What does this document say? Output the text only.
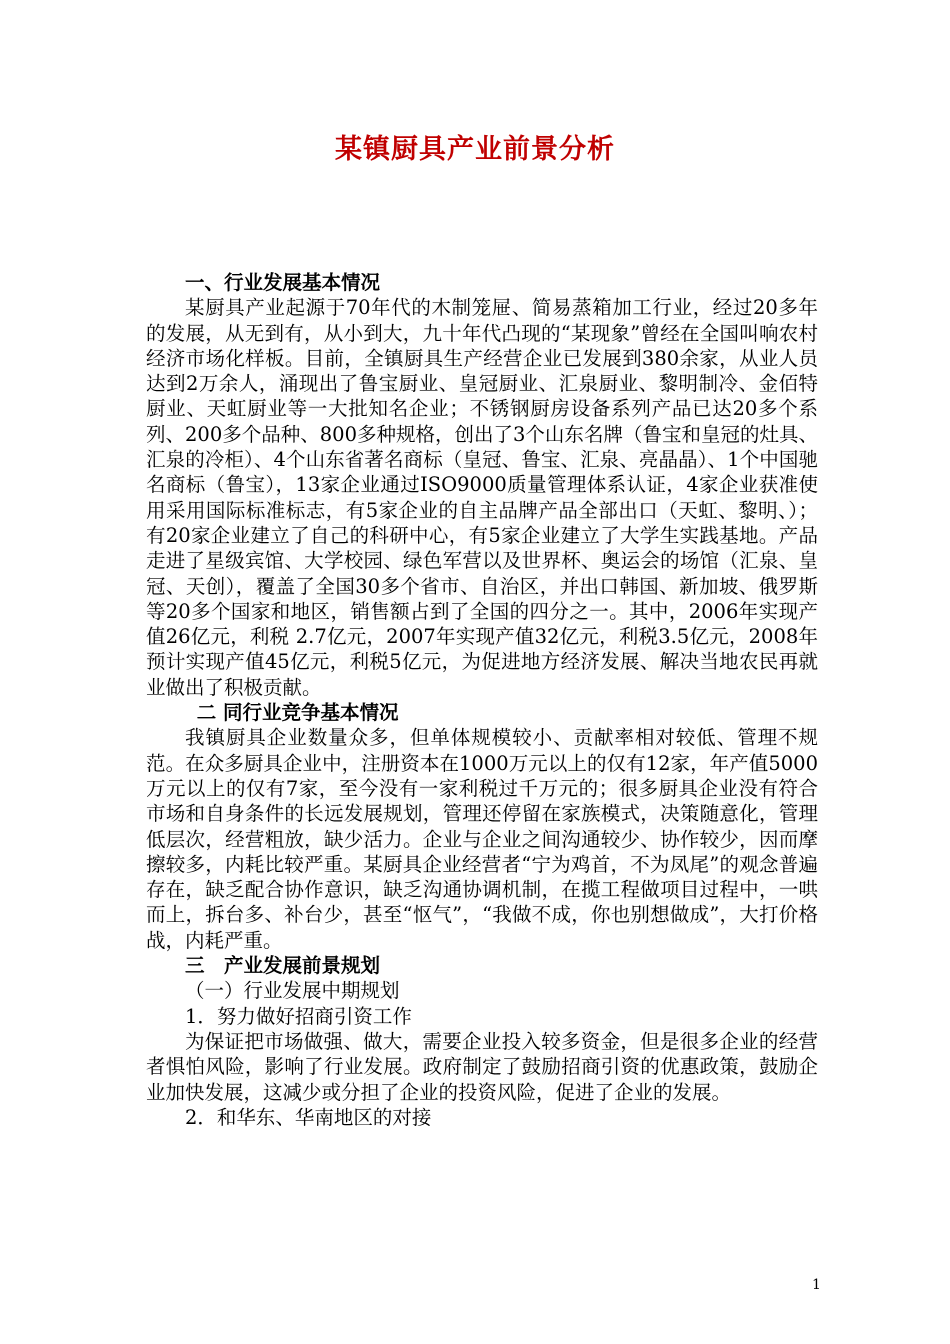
某镇厨具产业前景分析
一、行业发展基本情况

某厨具产业起源于70年代的木制笼屉、简易蒸箱加工行业，经过20多年的发展，从无到有，从小到大，九十年代凸现的“某现象”曾经在全国叫响农村经济市场化样板。目前，全镇厨具生产经营企业已发展到380余家，从业人员达到2万余人，涌现出了鲁宝厨业、皇冠厨业、汇泉厨业、黎明制冷、金佰特厨业、天虹厨业等一大批知名企业；不锈钢厨房设备系列产品已达20多个系列、200多个品种、800多种规格，创出了3个山东名牌（鲁宝和皇冠的灶具、汇泉的冷柜）、4个山东省著名商标（皇冠、鲁宝、汇泉、亮晶晶）、1个中国驰名商标（鲁宝），13家企业通过ISO9000质量管理体系认证，4家企业获准使用采用国际标准标志，有5家企业的自主品牌产品全部出口（天虹、黎明、）；有20家企业建立了自己的科研中心，有5家企业建立了大学生实践基地。产品走进了星级宾馆、大学校园、绿色军营以及世界杯、奥运会的场馆（汇泉、皇冠、天创），覆盖了全国30多个省市、自治区，并出口韩国、新加坡、俄罗斯等20多个国家和地区，销售额占到了全国的四分之一。其中，2006年实现产值26亿元，利税 2.7亿元，2007年实现产值32亿元，利税3.5亿元，2008年预计实现产值45亿元，利税5亿元，为促进地方经济发展、解决当地农民再就业做出了积极贡献。

二 同行业竞争基本情况

我镇厨具企业数量众多，但单体规模较小、贡献率相对较低、管理不规范。在众多厨具企业中，注册资本在1000万元以上的仅有12家，年产值5000万元以上的仅有7家，至今没有一家利税过千万元的；很多厨具企业没有符合市场和自身条件的长远发展规划，管理还停留在家族模式，决策随意化，管理低层次，经营粗放，缺少活力。企业与企业之间沟通较少、协作较少，因而摩擦较多，内耗比较严重。某厨具企业经营者“宁为鸡首，不为凤尾”的观念普遍存在，缺乏配合协作意识，缺乏沟通协调机制，在揽工程做项目过程中，一哄而上，拆台多、补台少，甚至“怄气”，“我做不成，你也别想做成”，大打价格战，内耗严重。

三　产业发展前景规划

（一）行业发展中期规划

1．努力做好招商引资工作

为保证把市场做强、做大，需要企业投入较多资金，但是很多企业的经营者惧怕风险，影响了行业发展。政府制定了鼓励招商引资的优惠政策，鼓励企业加快发展，这减少或分担了企业的投资风险，促进了企业的发展。

2．和华东、华南地区的对接

1
